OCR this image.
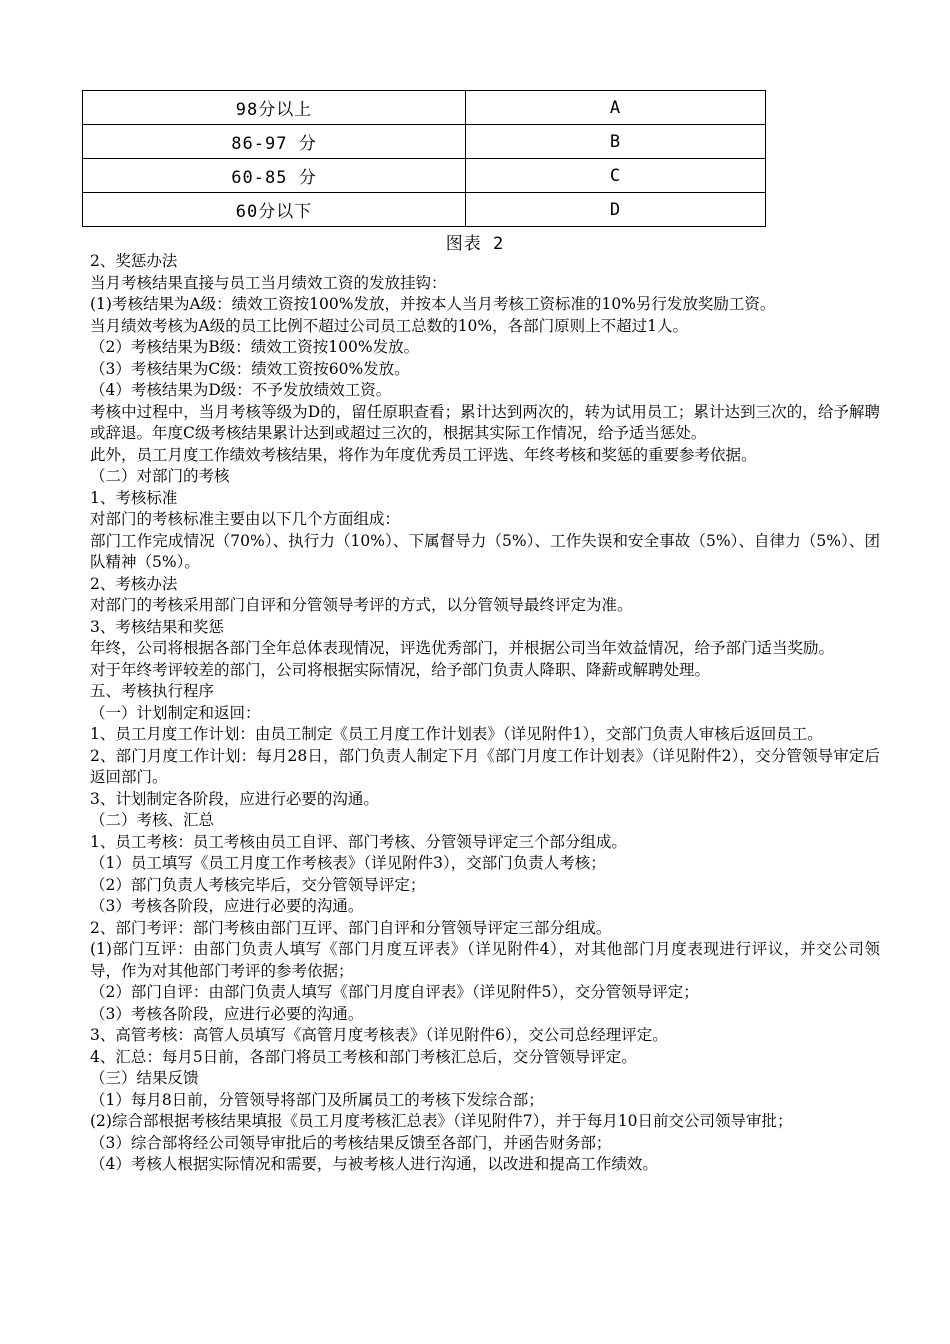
98分以上	A
86-97 分	B
60-85 分	C
60分以下	D
图表 2

2、奖惩办法

当月考核结果直接与员工当月绩效工资的发放挂钩：

(1)考核结果为A级：绩效工资按100%发放，并按本人当月考核工资标准的10%另行发放奖励工资。

当月绩效考核为A级的员工比例不超过公司员工总数的10%，各部门原则上不超过1人。

（2）考核结果为B级：绩效工资按100%发放。

（3）考核结果为C级：绩效工资按60%发放。

（4）考核结果为D级：不予发放绩效工资。

考核中过程中，当月考核等级为D的，留任原职查看；累计达到两次的，转为试用员工；累计达到三次的，给予解聘或辞退。年度C级考核结果累计达到或超过三次的，根据其实际工作情况，给予适当惩处。

此外，员工月度工作绩效考核结果，将作为年度优秀员工评选、年终考核和奖惩的重要参考依据。

（二）对部门的考核

1、考核标准

对部门的考核标准主要由以下几个方面组成：

部门工作完成情况（70%）、执行力（10%）、下属督导力（5%）、工作失误和安全事故（5%）、自律力（5%）、团队精神（5%）。

2、考核办法

对部门的考核采用部门自评和分管领导考评的方式，以分管领导最终评定为准。

3、考核结果和奖惩

年终，公司将根据各部门全年总体表现情况，评选优秀部门，并根据公司当年效益情况，给予部门适当奖励。

对于年终考评较差的部门，公司将根据实际情况，给予部门负责人降职、降薪或解聘处理。

五、考核执行程序

（一）计划制定和返回：

1、员工月度工作计划：由员工制定《员工月度工作计划表》（详见附件1），交部门负责人审核后返回员工。

2、部门月度工作计划：每月28日，部门负责人制定下月《部门月度工作计划表》（详见附件2），交分管领导审定后返回部门。

3、计划制定各阶段，应进行必要的沟通。

（二）考核、汇总

1、员工考核：员工考核由员工自评、部门考核、分管领导评定三个部分组成。

（1）员工填写《员工月度工作考核表》（详见附件3），交部门负责人考核；

（2）部门负责人考核完毕后，交分管领导评定；

（3）考核各阶段，应进行必要的沟通。

2、部门考评：部门考核由部门互评、部门自评和分管领导评定三部分组成。

(1)部门互评：由部门负责人填写《部门月度互评表》（详见附件4），对其他部门月度表现进行评议，并交公司领导，作为对其他部门考评的参考依据；

（2）部门自评：由部门负责人填写《部门月度自评表》（详见附件5），交分管领导评定；

（3）考核各阶段，应进行必要的沟通。

3、高管考核：高管人员填写《高管月度考核表》（详见附件6），交公司总经理评定。

4、汇总：每月5日前，各部门将员工考核和部门考核汇总后，交分管领导评定。

（三）结果反馈

（1）每月8日前，分管领导将部门及所属员工的考核下发综合部；

(2)综合部根据考核结果填报《员工月度考核汇总表》（详见附件7），并于每月10日前交公司领导审批；

（3）综合部将经公司领导审批后的考核结果反馈至各部门，并函告财务部；

（4）考核人根据实际情况和需要，与被考核人进行沟通，以改进和提高工作绩效。
